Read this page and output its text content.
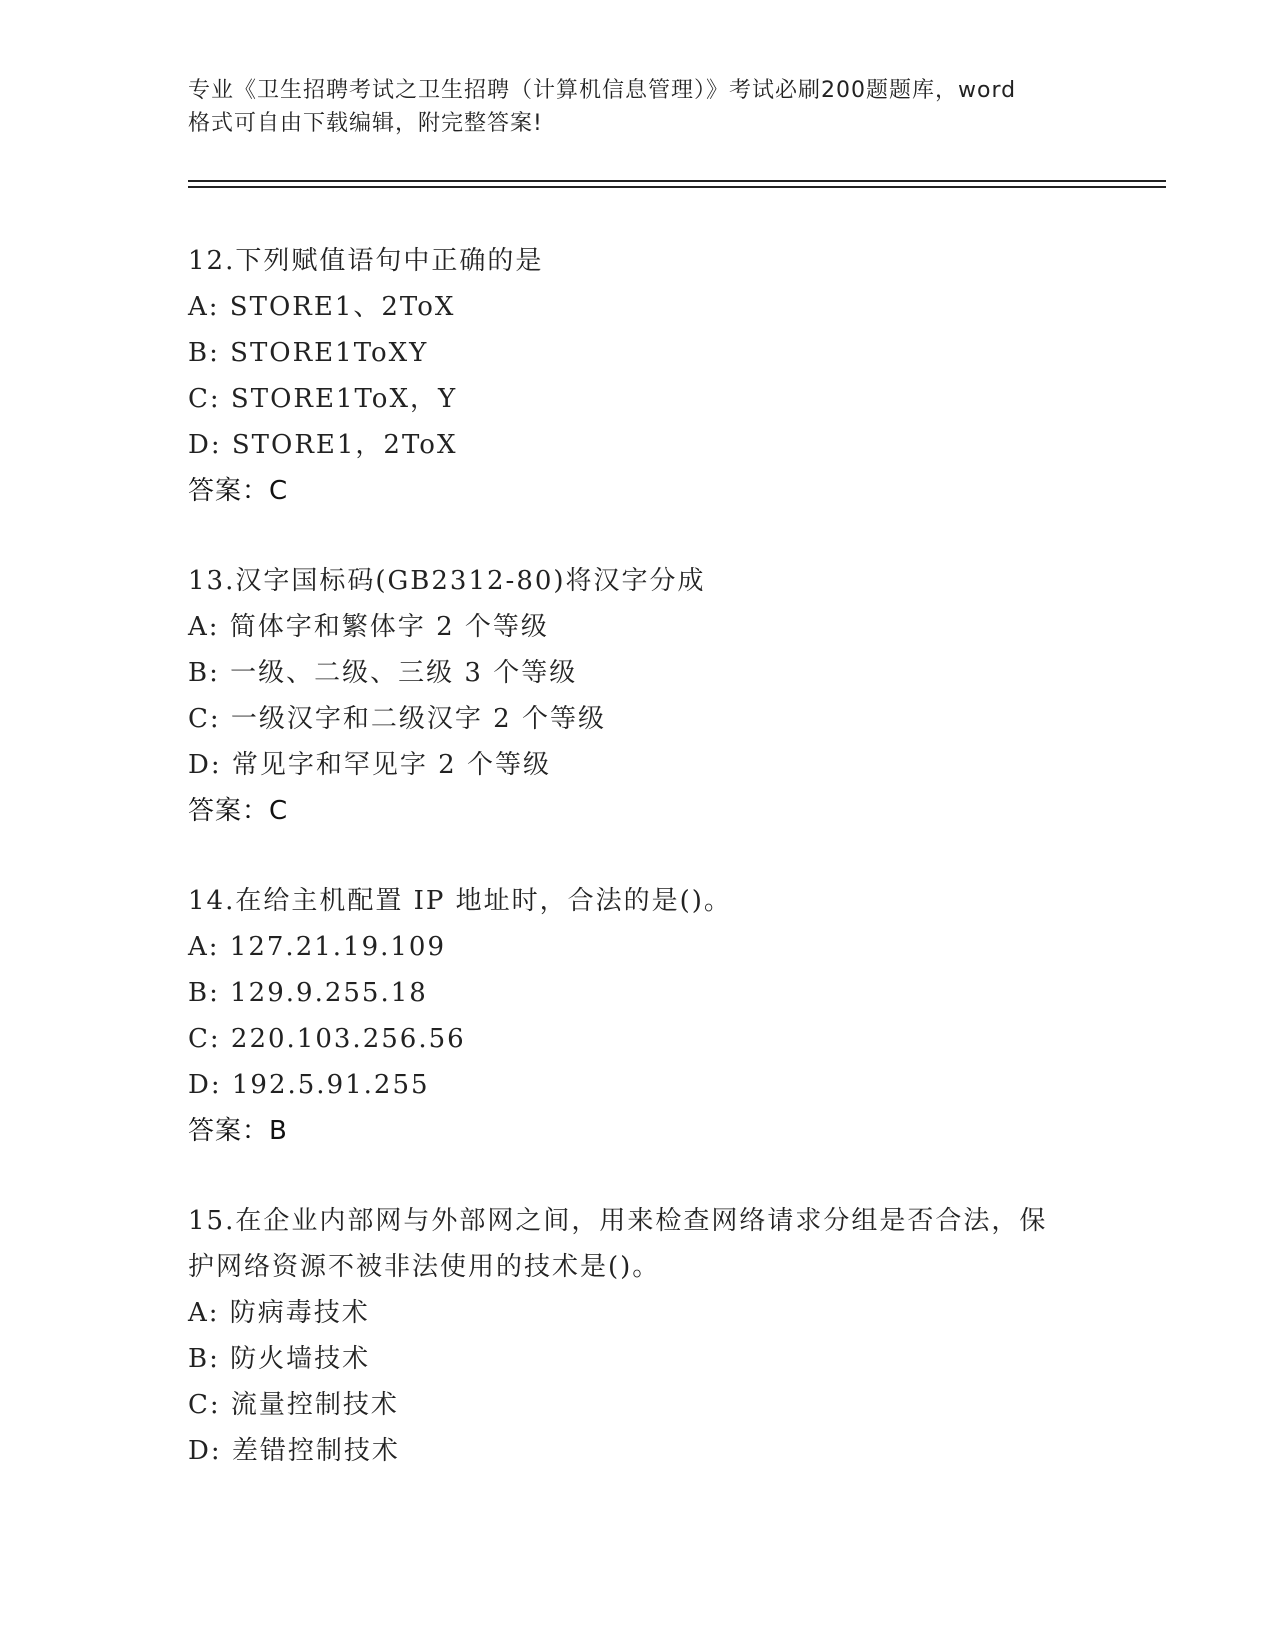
专业《卫生招聘考试之卫生招聘（计算机信息管理）》考试必刷200题题库，word
格式可自由下载编辑，附完整答案!
12.下列赋值语句中正确的是
A: STORE1、2ToX
B: STORE1ToXY
C: STORE1ToX，Y
D: STORE1，2ToX
答案：C
13.汉字国标码(GB2312-80)将汉字分成
A: 简体字和繁体字 2 个等级
B: 一级、二级、三级 3 个等级
C: 一级汉字和二级汉字 2 个等级
D: 常见字和罕见字 2 个等级
答案：C
14.在给主机配置 IP 地址时，合法的是()。
A: 127.21.19.109
B: 129.9.255.18
C: 220.103.256.56
D: 192.5.91.255
答案：B
15.在企业内部网与外部网之间，用来检查网络请求分组是否合法，保
护网络资源不被非法使用的技术是()。
A: 防病毒技术
B: 防火墙技术
C: 流量控制技术
D: 差错控制技术
